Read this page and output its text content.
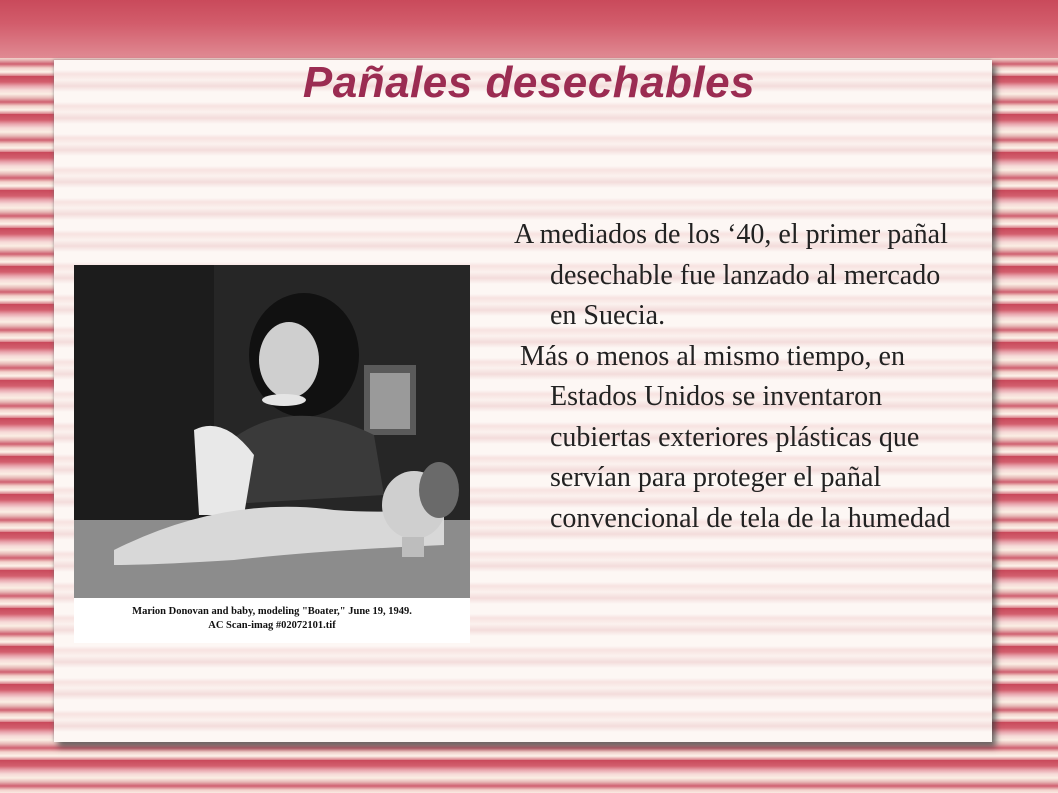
Pañales desechables
Marion Donovan and baby, modeling "Boater," June 19, 1949.
AC Scan-imag #02072101.tif

A mediados de los ‘40, el primer pañal desechable fue lanzado al mercado en Suecia.

Más o menos al mismo tiempo, en Estados Unidos se inventaron cubiertas exteriores plásticas que servían para proteger el pañal convencional de tela de la humedad
